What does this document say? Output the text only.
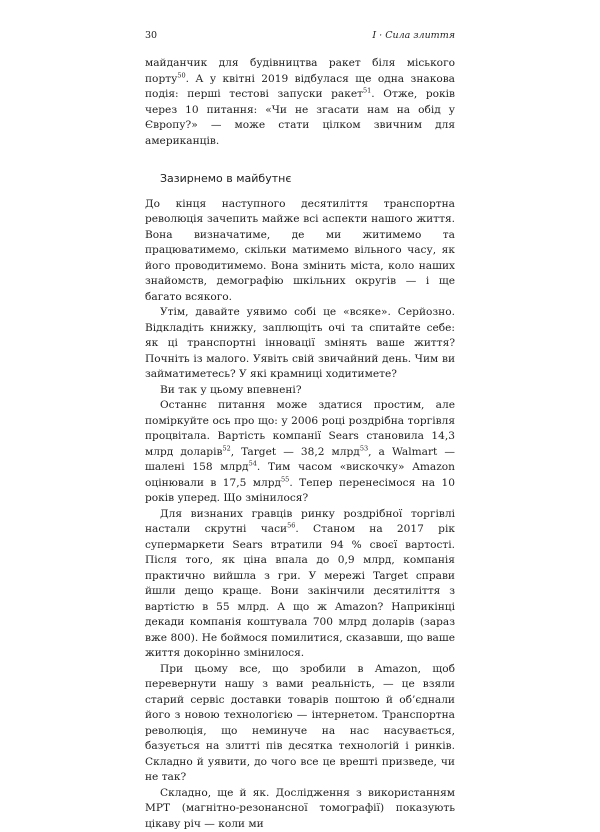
30	I · Сила злиття

майданчик для будівництва ракет біля міського порту$^{50}$. А у квітні 2019 відбулася ще одна знакова подія: перші тестові запуски ракет$^{51}$. Отже, років через 10 питання: «Чи не згасати нам на обід у Європу?» — може стати цілком звичним для американців.

Зазирнемо в майбутнє

До кінця наступного десятиліття транспортна революція зачепить майже всі аспекти нашого життя. Вона визначатиме, де ми житимемо та працюватимемо, скільки матимемо вільного часу, як його проводитимемо. Вона змінить міста, коло наших знайомств, демографію шкільних округів — і ще багато всякого.

Утім, давайте уявимо собі це «всяке». Серйозно. Відкладіть книжку, заплющіть очі та спитайте себе: як ці транспортні інновації змінять ваше життя? Почніть із малого. Уявіть свій звичайний день. Чим ви займатиметесь? У які крамниці ходитимете?

Ви так у цьому впевнені?

Останнє питання може здатися простим, але поміркуйте ось про що: у 2006 році роздрібна торгівля процвітала. Вартість компанії Sears становила 14,3 млрд доларів$^{52}$, Target — 38,2 млрд$^{53}$, а Walmart — шалені 158 млрд$^{54}$. Тим часом «вискочку» Amazon оцінювали в 17,5 млрд$^{55}$. Тепер перенесімося на 10 років уперед. Що змінилося?

Для визнаних гравців ринку роздрібної торгівлі настали скрутні часи$^{56}$. Станом на 2017 рік супермаркети Sears втратили 94 % своєї вартості. Після того, як ціна впала до 0,9 млрд, компанія практично вийшла з гри. У мережі Target справи йшли дещо краще. Вони закінчили десятиліття з вартістю в 55 млрд. А що ж Amazon? Наприкінці декади компанія коштувала 700 млрд доларів (зараз вже 800). Не боймося помилитися, сказавши, що ваше життя докорінно змінилося.

При цьому все, що зробили в Amazon, щоб перевернути нашу з вами реальність, — це взяли старий сервіс доставки товарів поштою й об’єднали його з новою технологією — інтернетом. Транспортна революція, що неминуче на нас насувається, базується на злитті пів десятка технологій і ринків. Складно й уявити, до чого все це врешті призведе, чи не так?

Складно, ще й як. Дослідження з використанням МРТ (магнітно-резонансної томографії) показують цікаву річ — коли ми
